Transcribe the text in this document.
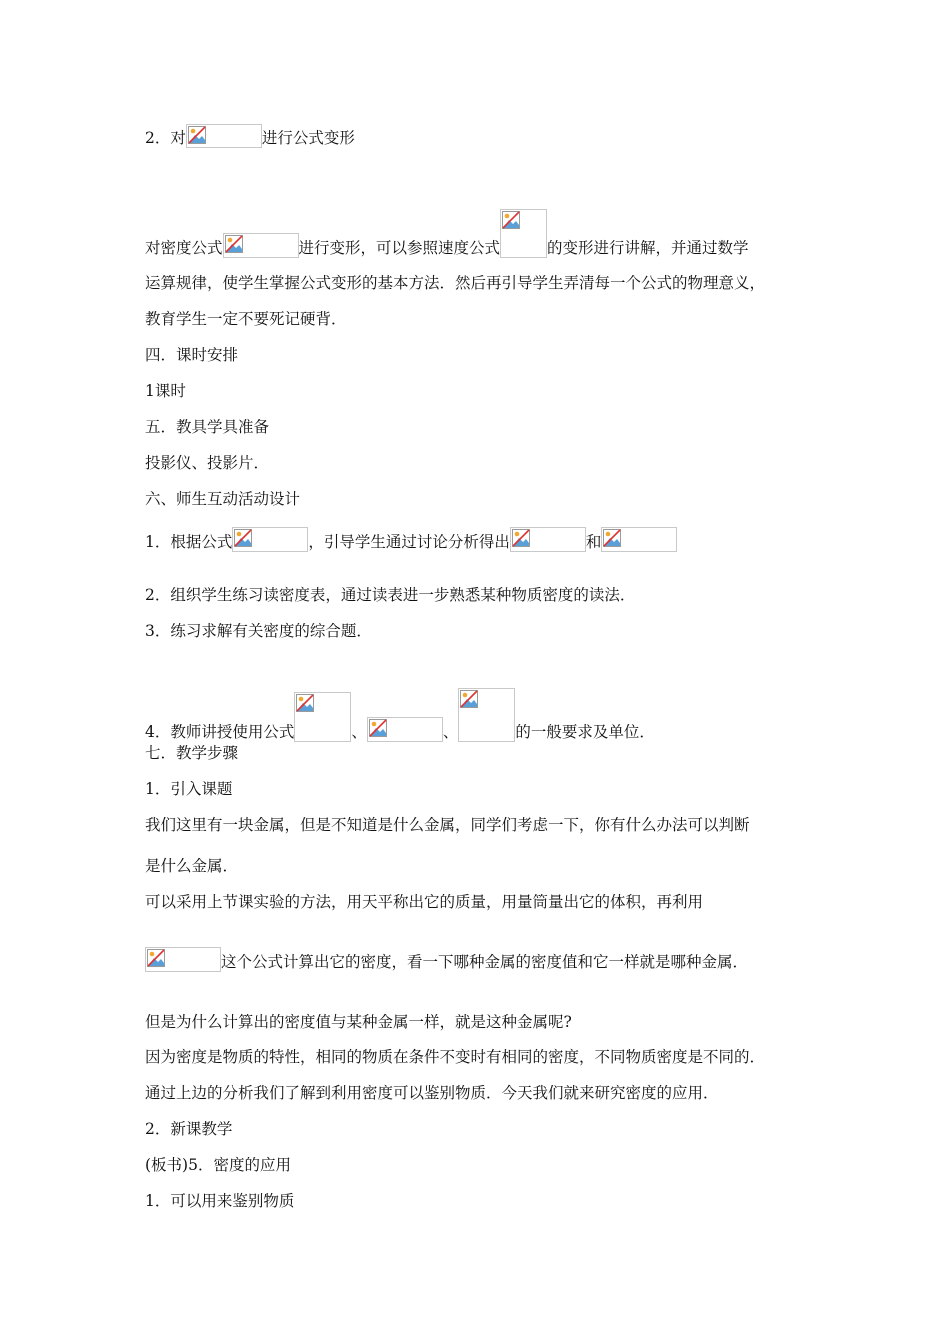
2．对	进行公式变形
对密度公式	进行变形，可以参照速度公式	的变形进行讲解，并通过数学
运算规律，使学生掌握公式变形的基本方法．然后再引导学生弄清每一个公式的物理意义，
教育学生一定不要死记硬背．
四．课时安排
1课时
五．教具学具准备
投影仪、投影片．
六、师生互动活动设计
1．根据公式	，引导学生通过讨论分析得出	和
2．组织学生练习读密度表，通过读表进一步熟悉某种物质密度的读法．
3．练习求解有关密度的综合题．
4．教师讲授使用公式	、	、	的一般要求及单位．
七．教学步骤
1．引入课题
我们这里有一块金属，但是不知道是什么金属，同学们考虑一下，你有什么办法可以判断
是什么金属．
可以采用上节课实验的方法，用天平称出它的质量，用量筒量出它的体积，再利用
这个公式计算出它的密度，看一下哪种金属的密度值和它一样就是哪种金属．
但是为什么计算出的密度值与某种金属一样，就是这种金属呢?
因为密度是物质的特性，相同的物质在条件不变时有相同的密度，不同物质密度是不同的．
通过上边的分析我们了解到利用密度可以鉴别物质．今天我们就来研究密度的应用．
2．新课教学
(板书)5．密度的应用
1．可以用来鉴别物质
